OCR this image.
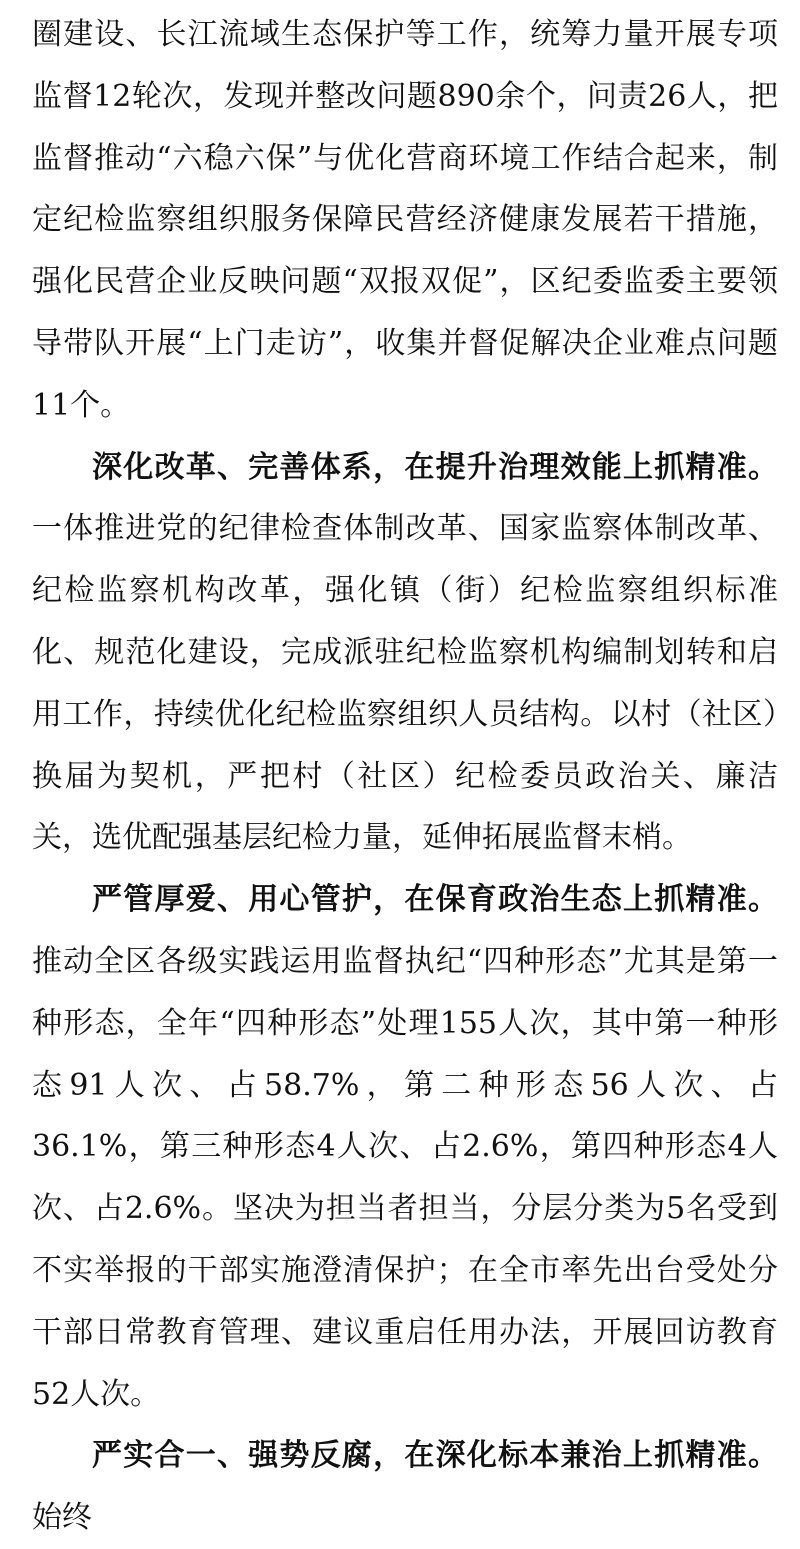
圈建设、长江流域生态保护等工作，统筹力量开展专项监督12轮次，发现并整改问题890余个，问责26人，把监督推动“六稳六保”与优化营商环境工作结合起来，制定纪检监察组织服务保障民营经济健康发展若干措施，强化民营企业反映问题“双报双促”，区纪委监委主要领导带队开展“上门走访”，收集并督促解决企业难点问题11个。

深化改革、完善体系，在提升治理效能上抓精准。一体推进党的纪律检查体制改革、国家监察体制改革、纪检监察机构改革，强化镇（街）纪检监察组织标准化、规范化建设，完成派驻纪检监察机构编制划转和启用工作，持续优化纪检监察组织人员结构。以村（社区）换届为契机，严把村（社区）纪检委员政治关、廉洁关，选优配强基层纪检力量，延伸拓展监督末梢。

严管厚爱、用心管护，在保育政治生态上抓精准。推动全区各级实践运用监督执纪“四种形态”尤其是第一种形态，全年“四种形态”处理155人次，其中第一种形态91人次、占58.7%，第二种形态56人次、占36.1%，第三种形态4人次、占2.6%，第四种形态4人次、占2.6%。坚决为担当者担当，分层分类为5名受到不实举报的干部实施澄清保护；在全市率先出台受处分干部日常教育管理、建议重启任用办法，开展回访教育52人次。

严实合一、强势反腐，在深化标本兼治上抓精准。始终
